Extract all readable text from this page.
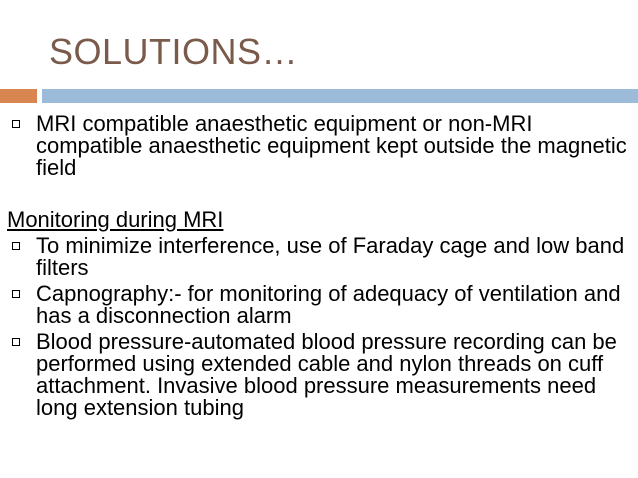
SOLUTIONS…
MRI compatible anaesthetic equipment or non-MRI compatible anaesthetic equipment kept outside the magnetic field
Monitoring during MRI
To minimize interference, use of Faraday cage and low band filters
Capnography:- for monitoring of adequacy of ventilation and has a disconnection alarm
Blood pressure-automated blood pressure recording can be performed using extended cable and nylon threads on cuff attachment. Invasive blood pressure measurements need long extension tubing
